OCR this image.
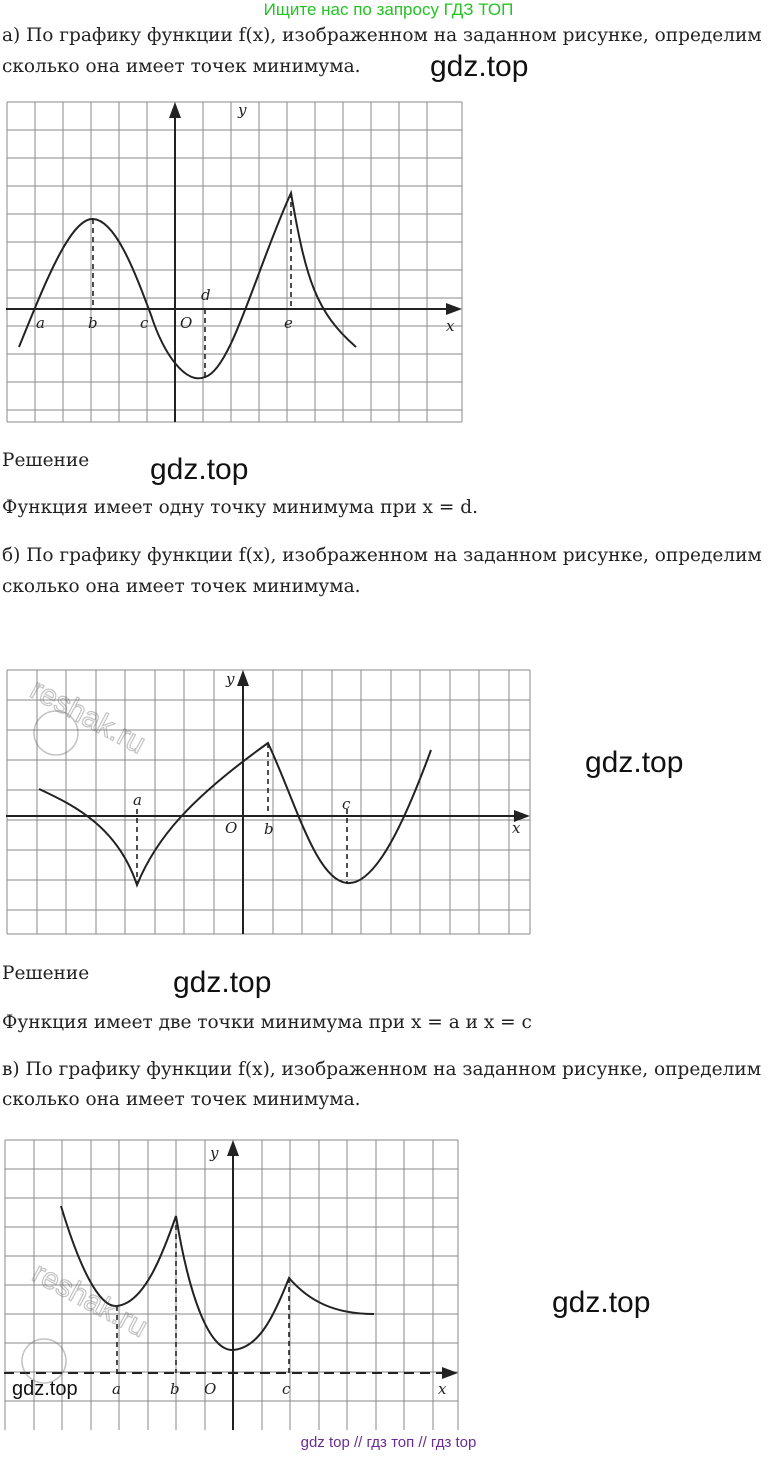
Ищите нас по запросу ГДЗ ТОП
а) По графику функции f(x), изображенном на заданном рисунке, определим
сколько она имеет точек минимума. gdz.top
y
x
O
a	b	c
d
e
Решение gdz.top
Функция имеет одну точку минимума при x = d.
б) По графику функции f(x), изображенном на заданном рисунке, определим
сколько она имеет точек минимума.
y
x
O
a
b
c
reshak.ru
gdz.top
Решение	gdz.top
Функция имеет две точки минимума при x = a и x = c
в) По графику функции f(x), изображенном на заданном рисунке, определим
сколько она имеет точек минимума.
y
x
O
a	b	c
reshak.ru	gdz.top
gdz.top
gdz top // гдз топ // гдз top
